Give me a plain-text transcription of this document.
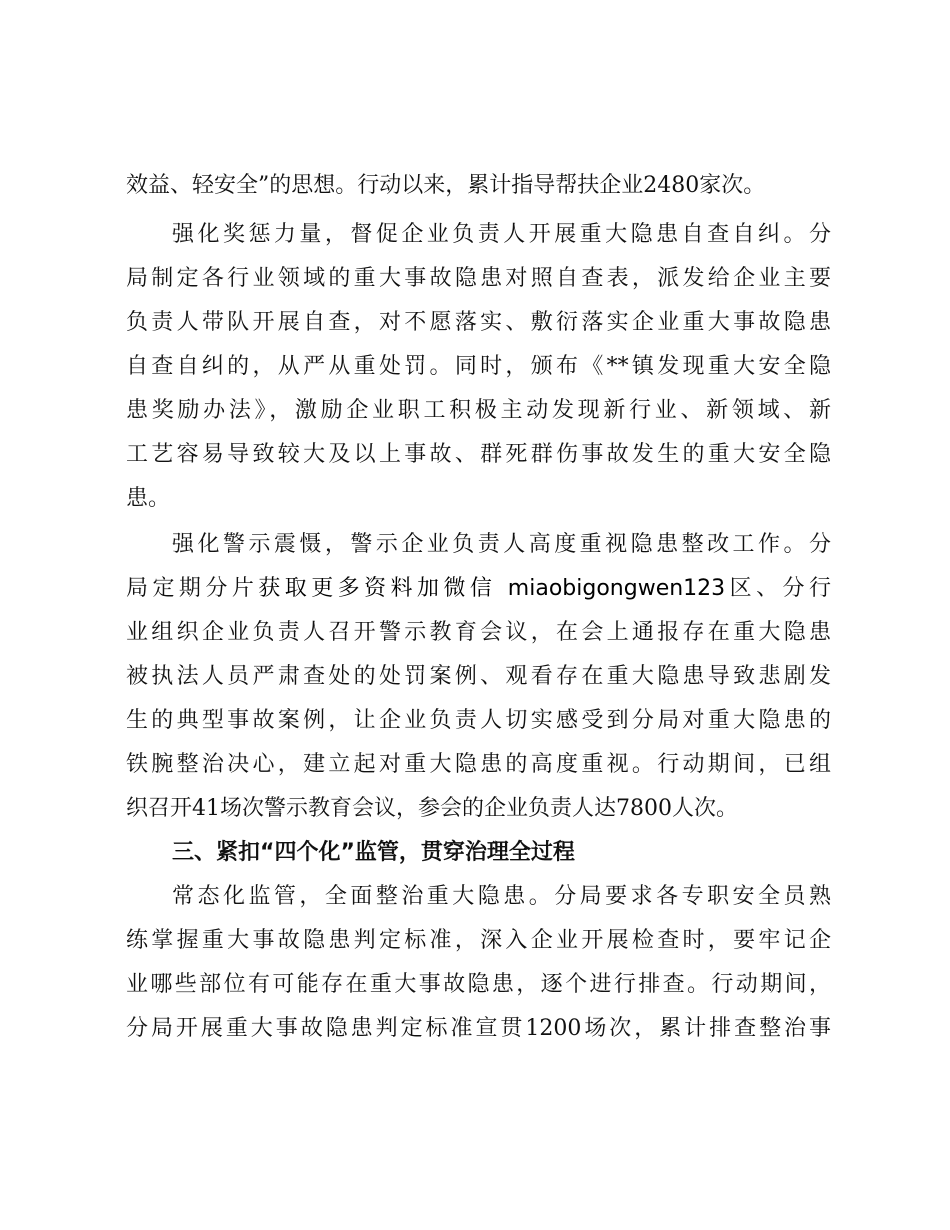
效益、轻安全”的思想。行动以来，累计指导帮扶企业2480家次。
强化奖惩力量，督促企业负责人开展重大隐患自查自纠。分
局制定各行业领域的重大事故隐患对照自查表，派发给企业主要
负责人带队开展自查，对不愿落实、敷衍落实企业重大事故隐患
自查自纠的，从严从重处罚。同时，颁布《**镇发现重大安全隐
患奖励办法》，激励企业职工积极主动发现新行业、新领域、新
工艺容易导致较大及以上事故、群死群伤事故发生的重大安全隐
患。
强化警示震慑，警示企业负责人高度重视隐患整改工作。分
局定期分片获取更多资料加微信 miaobigongwen123区、分行
业组织企业负责人召开警示教育会议，在会上通报存在重大隐患
被执法人员严肃查处的处罚案例、观看存在重大隐患导致悲剧发
生的典型事故案例，让企业负责人切实感受到分局对重大隐患的
铁腕整治决心，建立起对重大隐患的高度重视。行动期间，已组
织召开41场次警示教育会议，参会的企业负责人达7800人次。
三、紧扣“四个化”监管，贯穿治理全过程
常态化监管，全面整治重大隐患。分局要求各专职安全员熟
练掌握重大事故隐患判定标准，深入企业开展检查时，要牢记企
业哪些部位有可能存在重大事故隐患，逐个进行排查。行动期间，
分局开展重大事故隐患判定标准宣贯1200场次，累计排查整治事
